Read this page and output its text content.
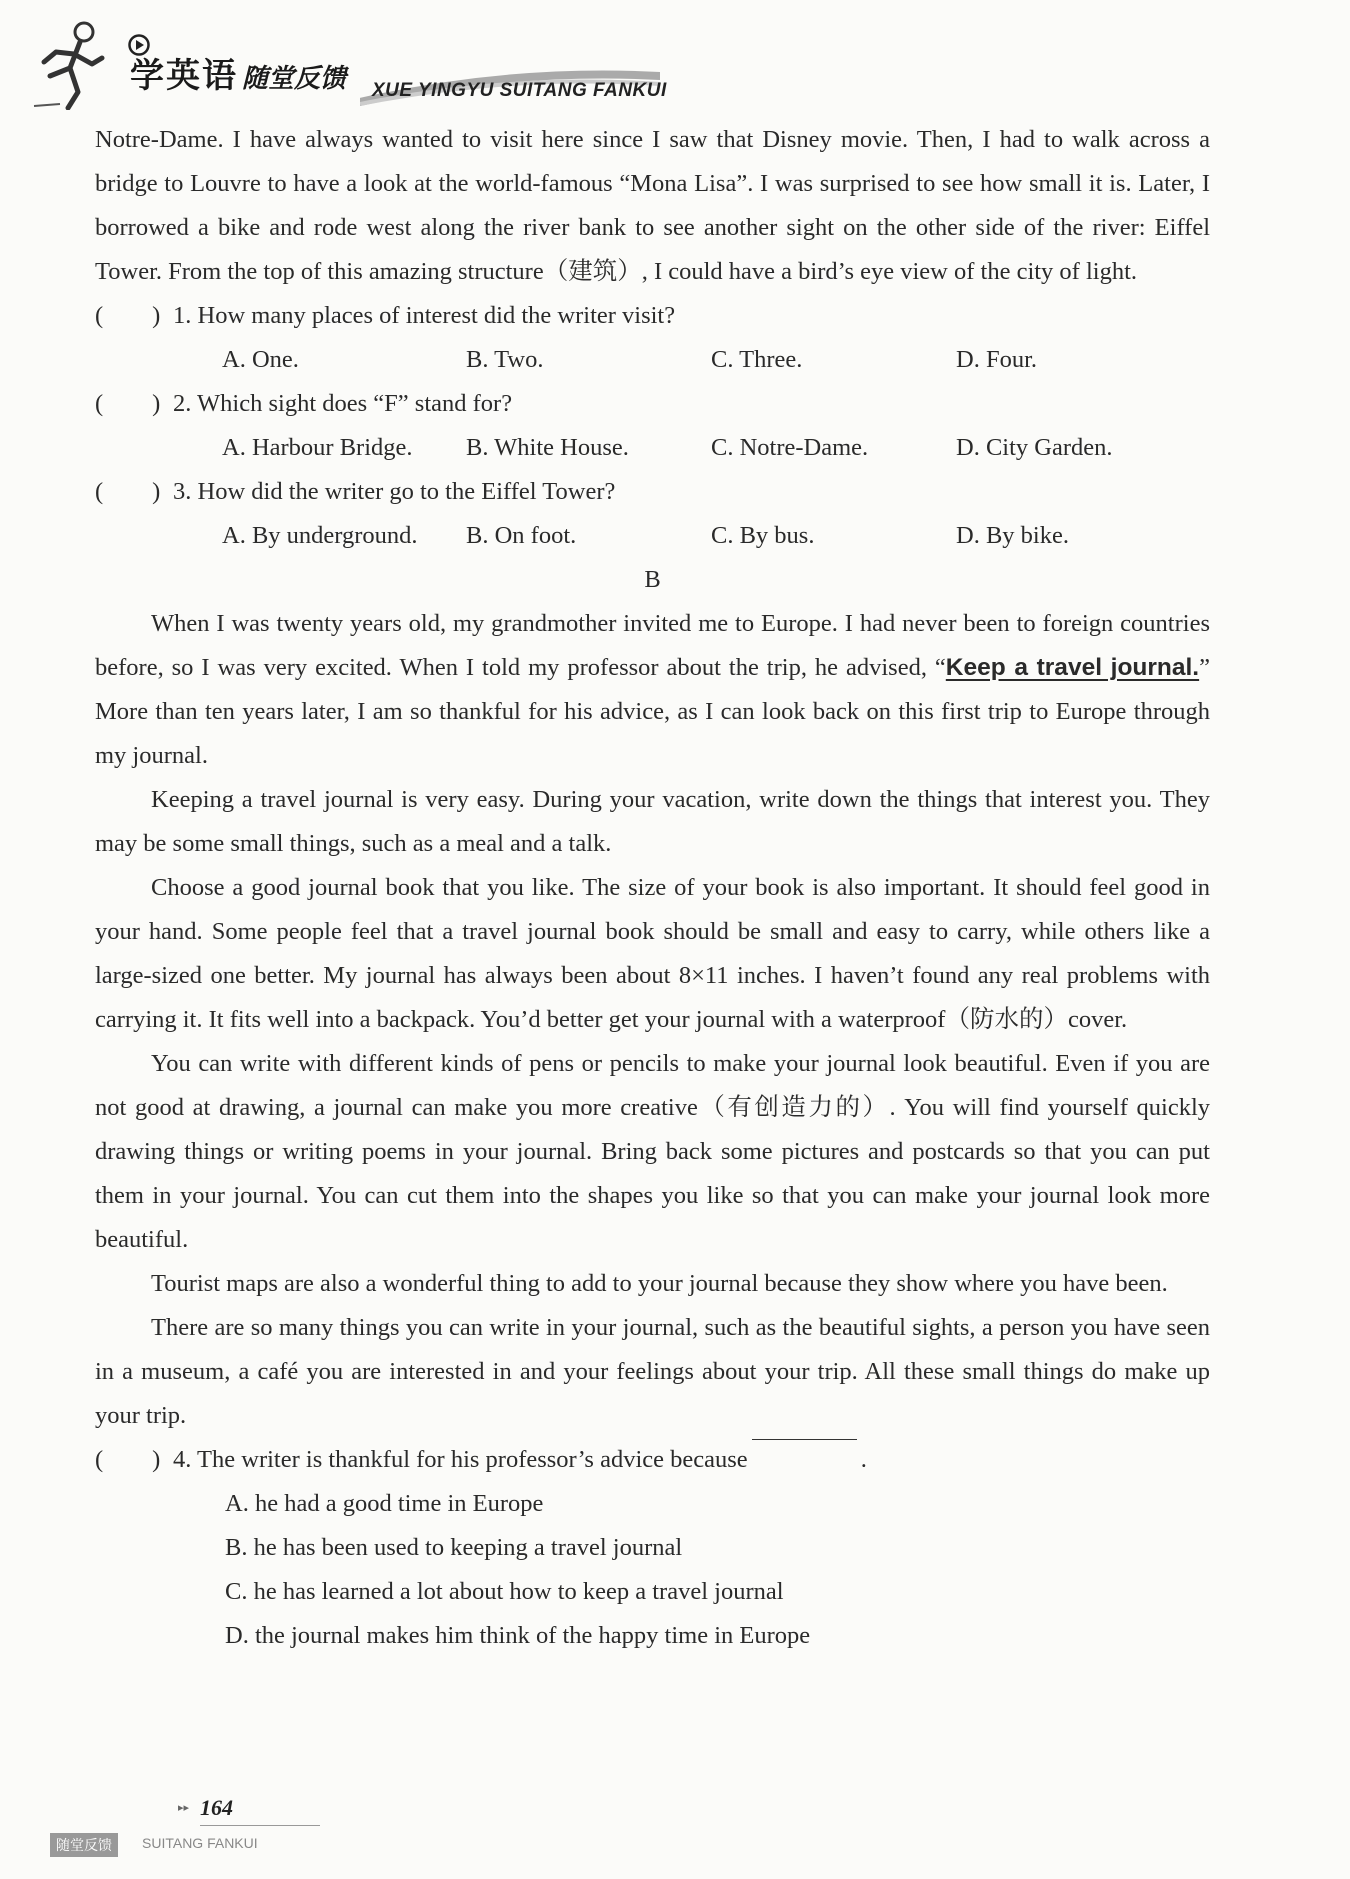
学英语 随堂反馈 XUE YINGYU SUITANG FANKUI

Notre-Dame. I have always wanted to visit here since I saw that Disney movie. Then, I had to walk across a bridge to Louvre to have a look at the world-famous “Mona Lisa”. I was surprised to see how small it is. Later, I borrowed a bike and rode west along the river bank to see another sight on the other side of the river: Eiffel Tower. From the top of this amazing structure（建筑）, I could have a bird’s eye view of the city of light.

(　　) 1. How many places of interest did the writer visit?
A. One.	B. Two.	C. Three.	D. Four.
(　　) 2. Which sight does “F” stand for?
A. Harbour Bridge.	B. White House.	C. Notre-Dame.	D. City Garden.
(　　) 3. How did the writer go to the Eiffel Tower?
A. By underground.	B. On foot.	C. By bus.	D. By bike.
B

When I was twenty years old, my grandmother invited me to Europe. I had never been to foreign countries before, so I was very excited. When I told my professor about the trip, he advised, “Keep a travel journal.” More than ten years later, I am so thankful for his advice, as I can look back on this first trip to Europe through my journal.

Keeping a travel journal is very easy. During your vacation, write down the things that interest you. They may be some small things, such as a meal and a talk.

Choose a good journal book that you like. The size of your book is also important. It should feel good in your hand. Some people feel that a travel journal book should be small and easy to carry, while others like a large-sized one better. My journal has always been about 8×11 inches. I haven’t found any real problems with carrying it. It fits well into a backpack. You’d better get your journal with a waterproof（防水的）cover.

You can write with different kinds of pens or pencils to make your journal look beautiful. Even if you are not good at drawing, a journal can make you more creative（有创造力的）. You will find yourself quickly drawing things or writing poems in your journal. Bring back some pictures and postcards so that you can put them in your journal. You can cut them into the shapes you like so that you can make your journal look more beautiful.

Tourist maps are also a wonderful thing to add to your journal because they show where you have been.

There are so many things you can write in your journal, such as the beautiful sights, a person you have seen in a museum, a café you are interested in and your feelings about your trip. All these small things do make up your trip.

(　　) 4. The writer is thankful for his professor’s advice because	.
A. he had a good time in Europe
B. he has been used to keeping a travel journal
C. he has learned a lot about how to keep a travel journal
D. the journal makes him think of the happy time in Europe
▸▸ 164
随堂反馈	SUITANG FANKUI
